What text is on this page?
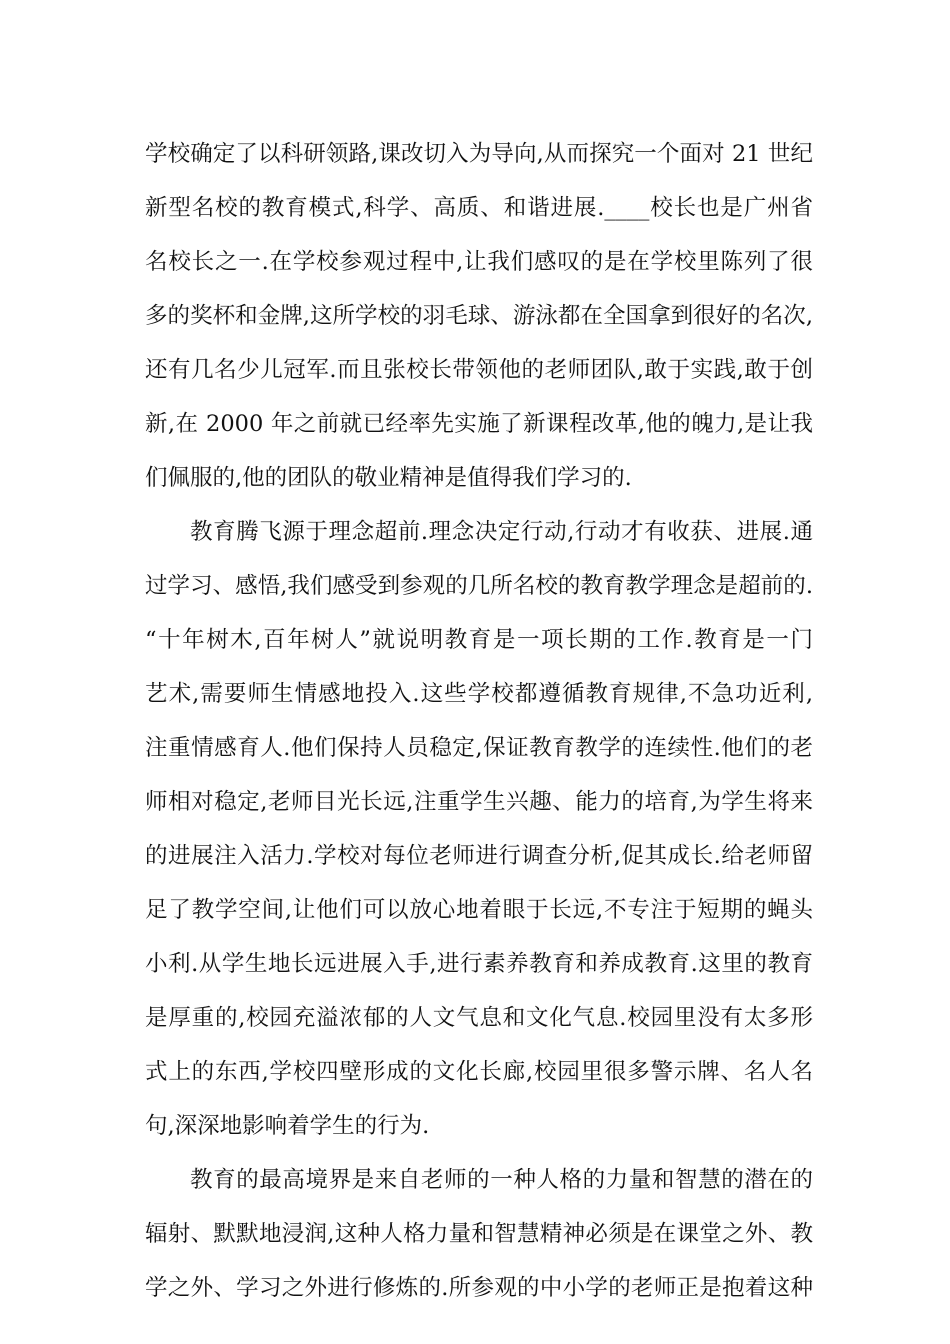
学校确定了以科研领路,课改切入为导向,从而探究一个面对 21 世纪
新型名校的教育模式,科学、高质、和谐进展.____校长也是广州省
名校长之一.在学校参观过程中,让我们感叹的是在学校里陈列了很
多的奖杯和金牌,这所学校的羽毛球、游泳都在全国拿到很好的名次,
还有几名少儿冠军.而且张校长带领他的老师团队,敢于实践,敢于创
新,在 2000 年之前就已经率先实施了新课程改革,他的魄力,是让我
们佩服的,他的团队的敬业精神是值得我们学习的.
教育腾飞源于理念超前.理念决定行动,行动才有收获、进展.通
过学习、感悟,我们感受到参观的几所名校的教育教学理念是超前的.
“十年树木,百年树人”就说明教育是一项长期的工作.教育是一门
艺术,需要师生情感地投入.这些学校都遵循教育规律,不急功近利,
注重情感育人.他们保持人员稳定,保证教育教学的连续性.他们的老
师相对稳定,老师目光长远,注重学生兴趣、能力的培育,为学生将来
的进展注入活力.学校对每位老师进行调查分析,促其成长.给老师留
足了教学空间,让他们可以放心地着眼于长远,不专注于短期的蝇头
小利.从学生地长远进展入手,进行素养教育和养成教育.这里的教育
是厚重的,校园充溢浓郁的人文气息和文化气息.校园里没有太多形
式上的东西,学校四壁形成的文化长廊,校园里很多警示牌、名人名
句,深深地影响着学生的行为.
教育的最高境界是来自老师的一种人格的力量和智慧的潜在的
辐射、默默地浸润,这种人格力量和智慧精神必须是在课堂之外、教
学之外、学习之外进行修炼的.所参观的中小学的老师正是抱着这种
